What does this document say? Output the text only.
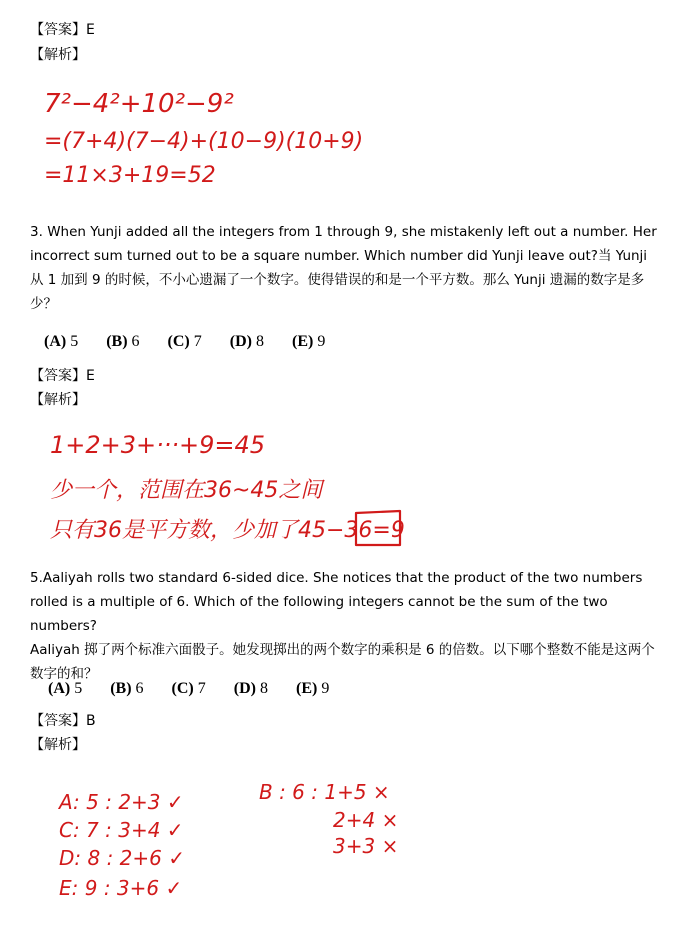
【答案】E
【解析】
7²−4²+10²−9²
=(7+4)(7−4)+(10−9)(10+9)
=11×3+19=52
3. When Yunji added all the integers from 1 through 9, she mistakenly left out a number. Her incorrect sum turned out to be a square number. Which number did Yunji leave out?当 Yunji 从 1 加到 9 的时候，不小心遗漏了一个数字。使得错误的和是一个平方数。那么 Yunji 遗漏的数字是多少？
(A) 5 (B) 6 (C) 7 (D) 8 (E) 9
【答案】E
【解析】
1+2+3+···+9=45
少一个，范围在36~45之间
只有36是平方数，少加了45−36=9
5.Aaliyah rolls two standard 6-sided dice. She notices that the product of the two numbers rolled is a multiple of 6. Which of the following integers cannot be the sum of the two numbers?
Aaliyah 掷了两个标准六面骰子。她发现掷出的两个数字的乘积是 6 的倍数。以下哪个整数不能是这两个数字的和？
(A) 5 (B) 6 (C) 7 (D) 8 (E) 9
【答案】B
【解析】
A: 5 : 2+3 ✓
C: 7 : 3+4 ✓
D: 8 : 2+6 ✓
E: 9 : 3+6 ✓
B : 6 : 1+5 ×
2+4 ×
3+3 ×
